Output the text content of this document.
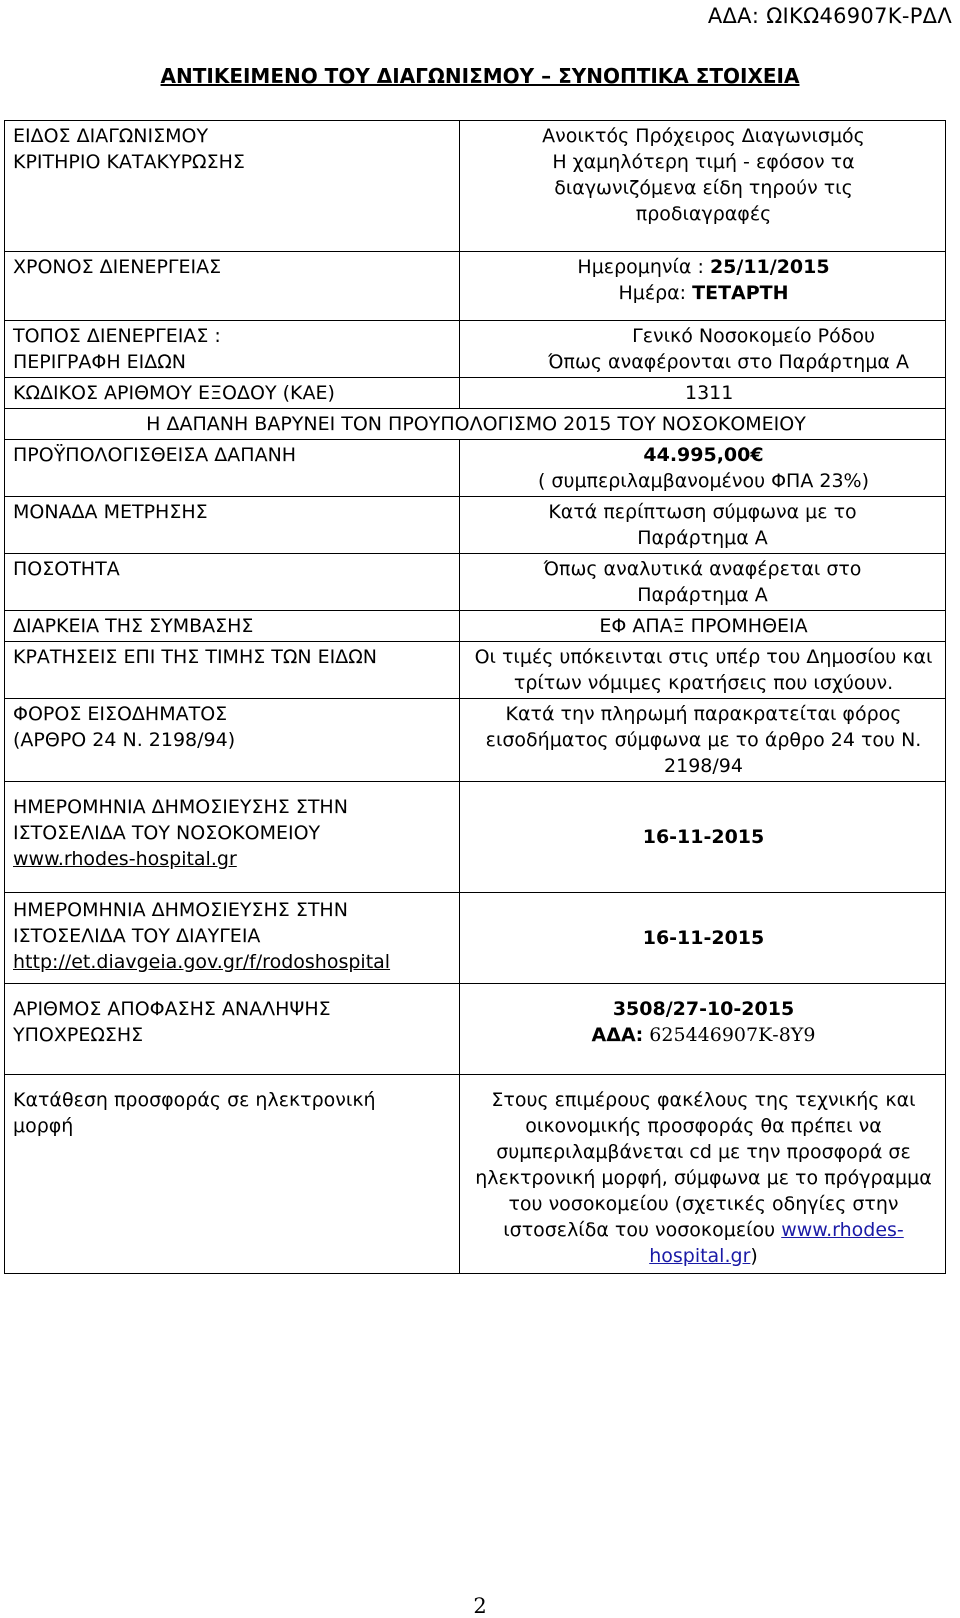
ΑΔΑ: ΩΙΚΩ46907Κ-ΡΔΛ
ΑΝΤΙΚΕΙΜΕΝΟ ΤΟΥ ΔΙΑΓΩΝΙΣΜΟΥ – ΣΥΝΟΠΤΙΚΑ ΣΤΟΙΧΕΙΑ
ΕΙΔΟΣ ΔΙΑΓΩΝΙΣΜΟΥ
ΚΡΙΤΗΡΙΟ ΚΑΤΑΚΥΡΩΣΗΣ	Ανοικτός Πρόχειρος Διαγωνισμός
Η χαμηλότερη τιμή - εφόσον τα διαγωνιζόμενα είδη τηρούν τις προδιαγραφές

ΧΡΟΝΟΣ ΔΙΕΝΕΡΓΕΙΑΣ	Ημερομηνία : 25/11/2015
Ημέρα: ΤΕΤΑΡΤΗ

ΤΟΠΟΣ ΔΙΕΝΕΡΓΕΙΑΣ :
ΠΕΡΙΓΡΑΦΗ ΕΙΔΩΝ	Γενικό Νοσοκομείο Ρόδου
Όπως αναφέρονται στο Παράρτημα Α

ΚΩΔΙΚΟΣ ΑΡΙΘΜΟΥ ΕΞΟΔΟΥ (ΚΑΕ)	1311
Η ΔΑΠΑΝΗ ΒΑΡΥΝΕΙ ΤΟΝ ΠΡΟΥΠΟΛΟΓΙΣΜΟ 2015 ΤΟΥ ΝΟΣΟΚΟΜΕΙΟΥ	
ΠΡΟΫΠΟΛΟΓΙΣΘΕΙΣΑ ΔΑΠΑΝΗ	44.995,00€
( συμπεριλαμβανομένου ΦΠΑ 23%)

ΜΟΝΑΔΑ ΜΕΤΡΗΣΗΣ	Κατά περίπτωση σύμφωνα με το Παράρτημα Α
ΠΟΣΟΤΗΤΑ	Όπως αναλυτικά αναφέρεται στο Παράρτημα Α
ΔΙΑΡΚΕΙΑ ΤΗΣ ΣΥΜΒΑΣΗΣ	ΕΦ ΑΠΑΞ ΠΡΟΜΗΘΕΙΑ
ΚΡΑΤΗΣΕΙΣ ΕΠΙ ΤΗΣ ΤΙΜΗΣ ΤΩΝ ΕΙΔΩΝ	Οι τιμές υπόκεινται στις υπέρ του Δημοσίου και τρίτων νόμιμες κρατήσεις που ισχύουν.

ΦΟΡΟΣ ΕΙΣΟΔΗΜΑΤΟΣ
(ΑΡΘΡΟ 24 Ν. 2198/94)	Κατά την πληρωμή παρακρατείται φόρος εισοδήματος σύμφωνα με το άρθρο 24 του Ν. 2198/94

ΗΜΕΡΟΜΗΝΙΑ ΔΗΜΟΣΙΕΥΣΗΣ ΣΤΗΝ ΙΣΤΟΣΕΛΙΔΑ ΤΟΥ ΝΟΣΟΚΟΜΕΙΟΥ
www.rhodes-hospital.gr	16-11-2015

ΗΜΕΡΟΜΗΝΙΑ ΔΗΜΟΣΙΕΥΣΗΣ ΣΤΗΝ ΙΣΤΟΣΕΛΙΔΑ ΤΟΥ ΔΙΑΥΓΕΙΑ
http://et.diavgeia.gov.gr/f/rodoshospital	16-11-2015
ΑΡΙΘΜΟΣ ΑΠΟΦΑΣΗΣ ΑΝΑΛΗΨΗΣ ΥΠΟΧΡΕΩΣΗΣ	3508/27-10-2015
ΑΔΑ: 625446907Κ-8Υ9

Κατάθεση προσφοράς σε ηλεκτρονική μορφή	Στους επιμέρους φακέλους της τεχνικής και οικονομικής προσφοράς θα πρέπει να συμπεριλαμβάνεται cd με την προσφορά σε ηλεκτρονική μορφή, σύμφωνα με το πρόγραμμα του νοσοκομείου (σχετικές οδηγίες στην ιστοσελίδα του νοσοκομείου www.rhodes-hospital.gr)
2
